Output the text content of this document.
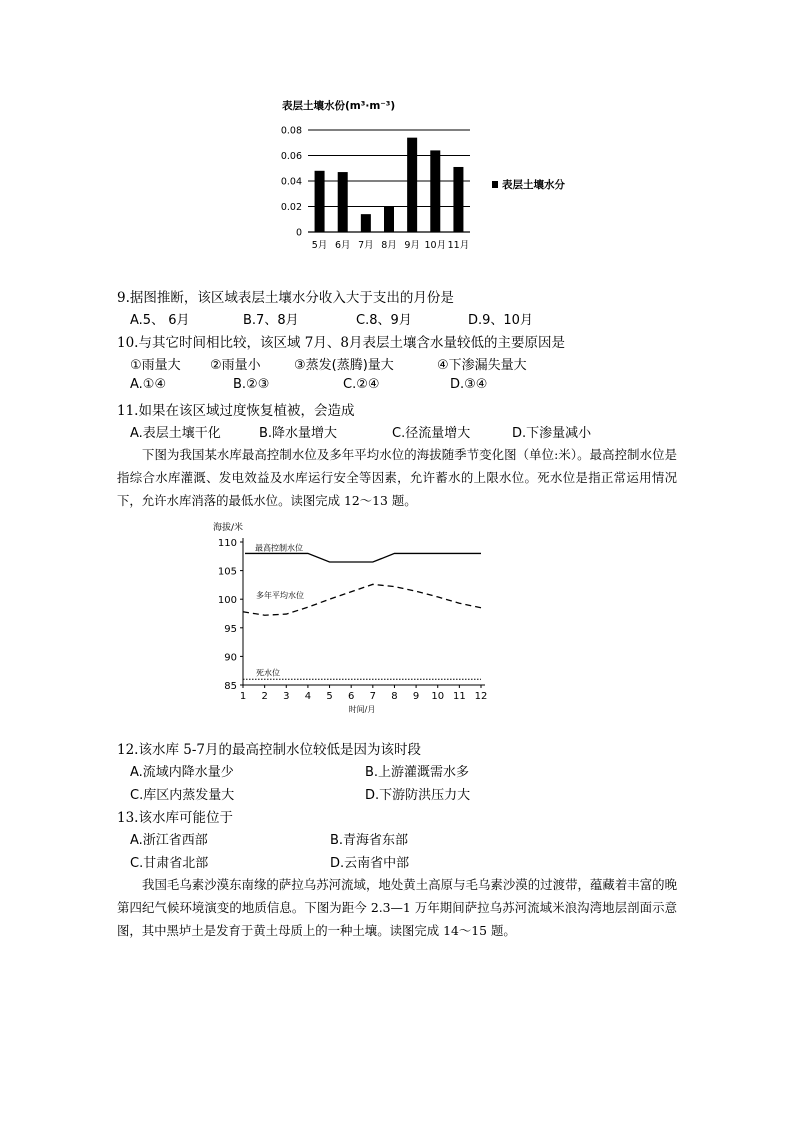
表层土壤水份(m³·m⁻³)
0
0.02
0.04
0.06
0.08
5月 6月 7月 8月 9月 10月 11月
表层土壤水分
9.据图推断，该区域表层土壤水分收入大于支出的月份是
A.5、 6月	B.7、8月	C.8、9月	D.9、10月
10.与其它时间相比较，该区域 7月、8月表层土壤含水量较低的主要原因是
①雨量大 ②雨量小	③蒸发(蒸腾)量大	④下渗漏失量大
A.①④	B.②③	C.②④	D.③④
11.如果在该区域过度恢复植被，会造成
A.表层土壤干化	B.降水量增大	C.径流量增大	D.下渗量减小
下图为我国某水库最高控制水位及多年平均水位的海拔随季节变化图（单位:米）。最高控制水位是指综合水库灌溉、发电效益及水库运行安全等因素，允许蓄水的上限水位。死水位是指正常运用情况下，允许水库消落的最低水位。读图完成 12～13 题。
海拔/米
85
90
95
100
105
110
1 2 3 4 5 6 7 8 9 10 11 12
最高控制水位
多年平均水位
死水位
时间/月
12.该水库 5-7月的最高控制水位较低是因为该时段
A.流域内降水量少	B.上游灌溉需水多
C.库区内蒸发量大	D.下游防洪压力大
13.该水库可能位于
A.浙江省西部	B.青海省东部
C.甘肃省北部	D.云南省中部
我国毛乌素沙漠东南缘的萨拉乌苏河流域，地处黄土高原与毛乌素沙漠的过渡带，蕴藏着丰富的晚第四纪气候环境演变的地质信息。下图为距今 2.3—1 万年期间萨拉乌苏河流域米浪沟湾地层剖面示意图，其中黑垆土是发育于黄土母质上的一种土壤。读图完成 14～15 题。
